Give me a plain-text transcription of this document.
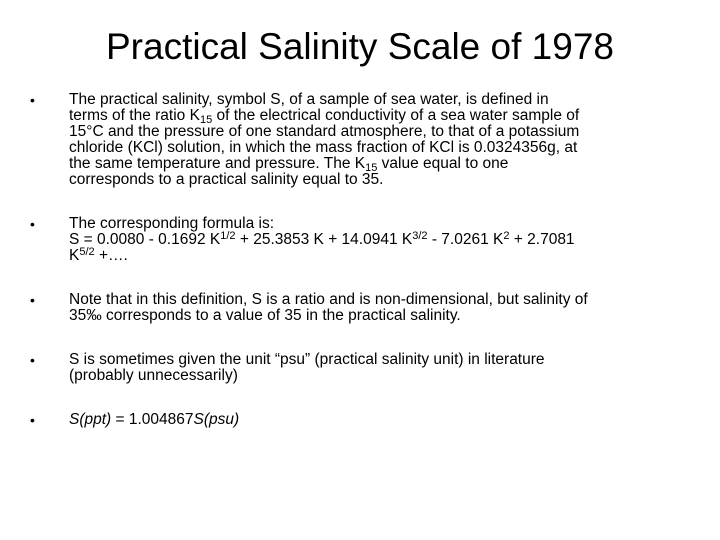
Practical Salinity Scale of 1978
• The practical salinity, symbol S, of a sample of sea water, is defined in
terms of the ratio $K_{15}$ of the electrical conductivity of a sea water sample of
15°C and the pressure of one standard atmosphere, to that of a potassium
chloride (KCl) solution, in which the mass fraction of KCl is 0.0324356g, at
the same temperature and pressure. The $K_{15}$ value equal to one
corresponds to a practical salinity equal to 35.
• The corresponding formula is:
S = 0.0080 - 0.1692 $K^{1/2} + 25.3853$ K + 14.0941 $K^{3/2} - 7.0261$ $K^2 + 2.7081$
$K^{5/2}$ +….
• Note that in this definition, S is a ratio and is non-dimensional, but salinity of
35‰ corresponds to a value of 35 in the practical salinity.
• S is sometimes given the unit “psu” (practical salinity unit) in literature
(probably unnecessarily)
• S(ppt) = 1.004867S(psu)
